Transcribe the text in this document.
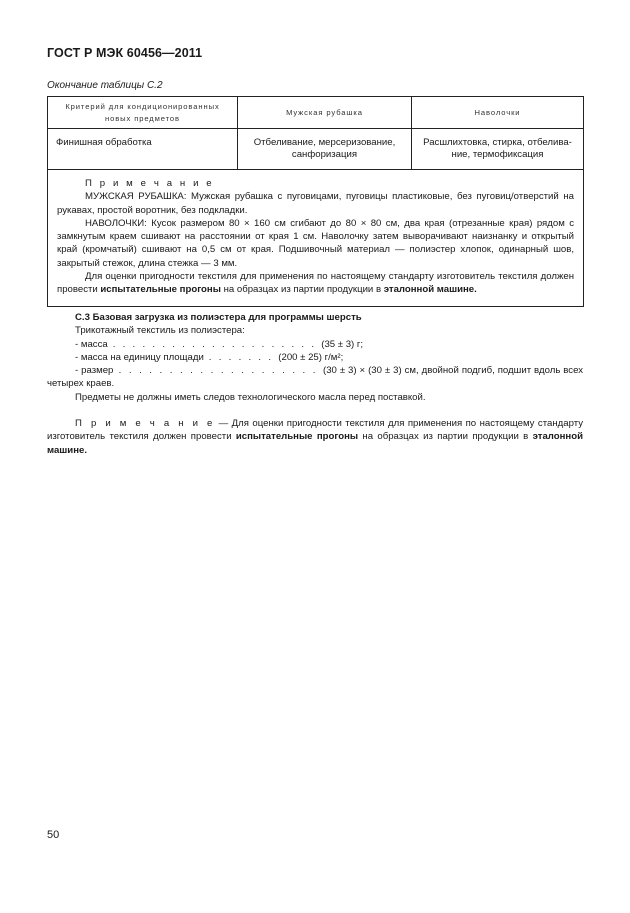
ГОСТ Р МЭК 60456—2011
Окончание таблицы С.2
Критерий для кондиционированных новых предметов	Мужская рубашка	Наволочки
Финишная обработка	Отбеливание, мерсеризование, санфоризация	Расшлихтовка, стирка, отбелива-ние, термофиксация

П р и м е ч а н и е
МУЖСКАЯ РУБАШКА: Мужская рубашка с пуговицами, пуговицы пластиковые, без пуговиц/отверстий на рукавах, простой воротник, без подкладки.
НАВОЛОЧКИ: Кусок размером 80 × 160 см сгибают до 80 × 80 см, два края (отрезанные края) рядом с замкнутым краем сшивают на расстоянии от края 1 см. Наволочку затем выворачивают наизнанку и открытый край (кромчатый) сшивают на 0,5 см от края. Подшивочный материал — полиэстер хлопок, одинарный шов, закрытый стежок, длина стежка — 3 мм.
Для оценки пригодности текстиля для применения по настоящему стандарту изготовитель текстиля должен провести испытательные прогоны на образцах из партии продукции в эталонной машине.		
С.3 Базовая загрузка из полиэстера для программы шерсть
Трикотажный текстиль из полиэстера:
- масса . . . . . . . . . . . . . . . . . . . . . (35 ± 3) г;
- масса на единицу площади . . . . . . . (200 ± 25) г/м²;
- размер . . . . . . . . . . . . . . . . . . . . (30 ± 3) × (30 ± 3) см, двойной подгиб, подшит вдоль всех четырех краев.
Предметы не должны иметь следов технологического масла перед поставкой.
П р и м е ч а н и е — Для оценки пригодности текстиля для применения по настоящему стандарту изготовитель текстиля должен провести испытательные прогоны на образцах из партии продукции в эталонной машине.
50
